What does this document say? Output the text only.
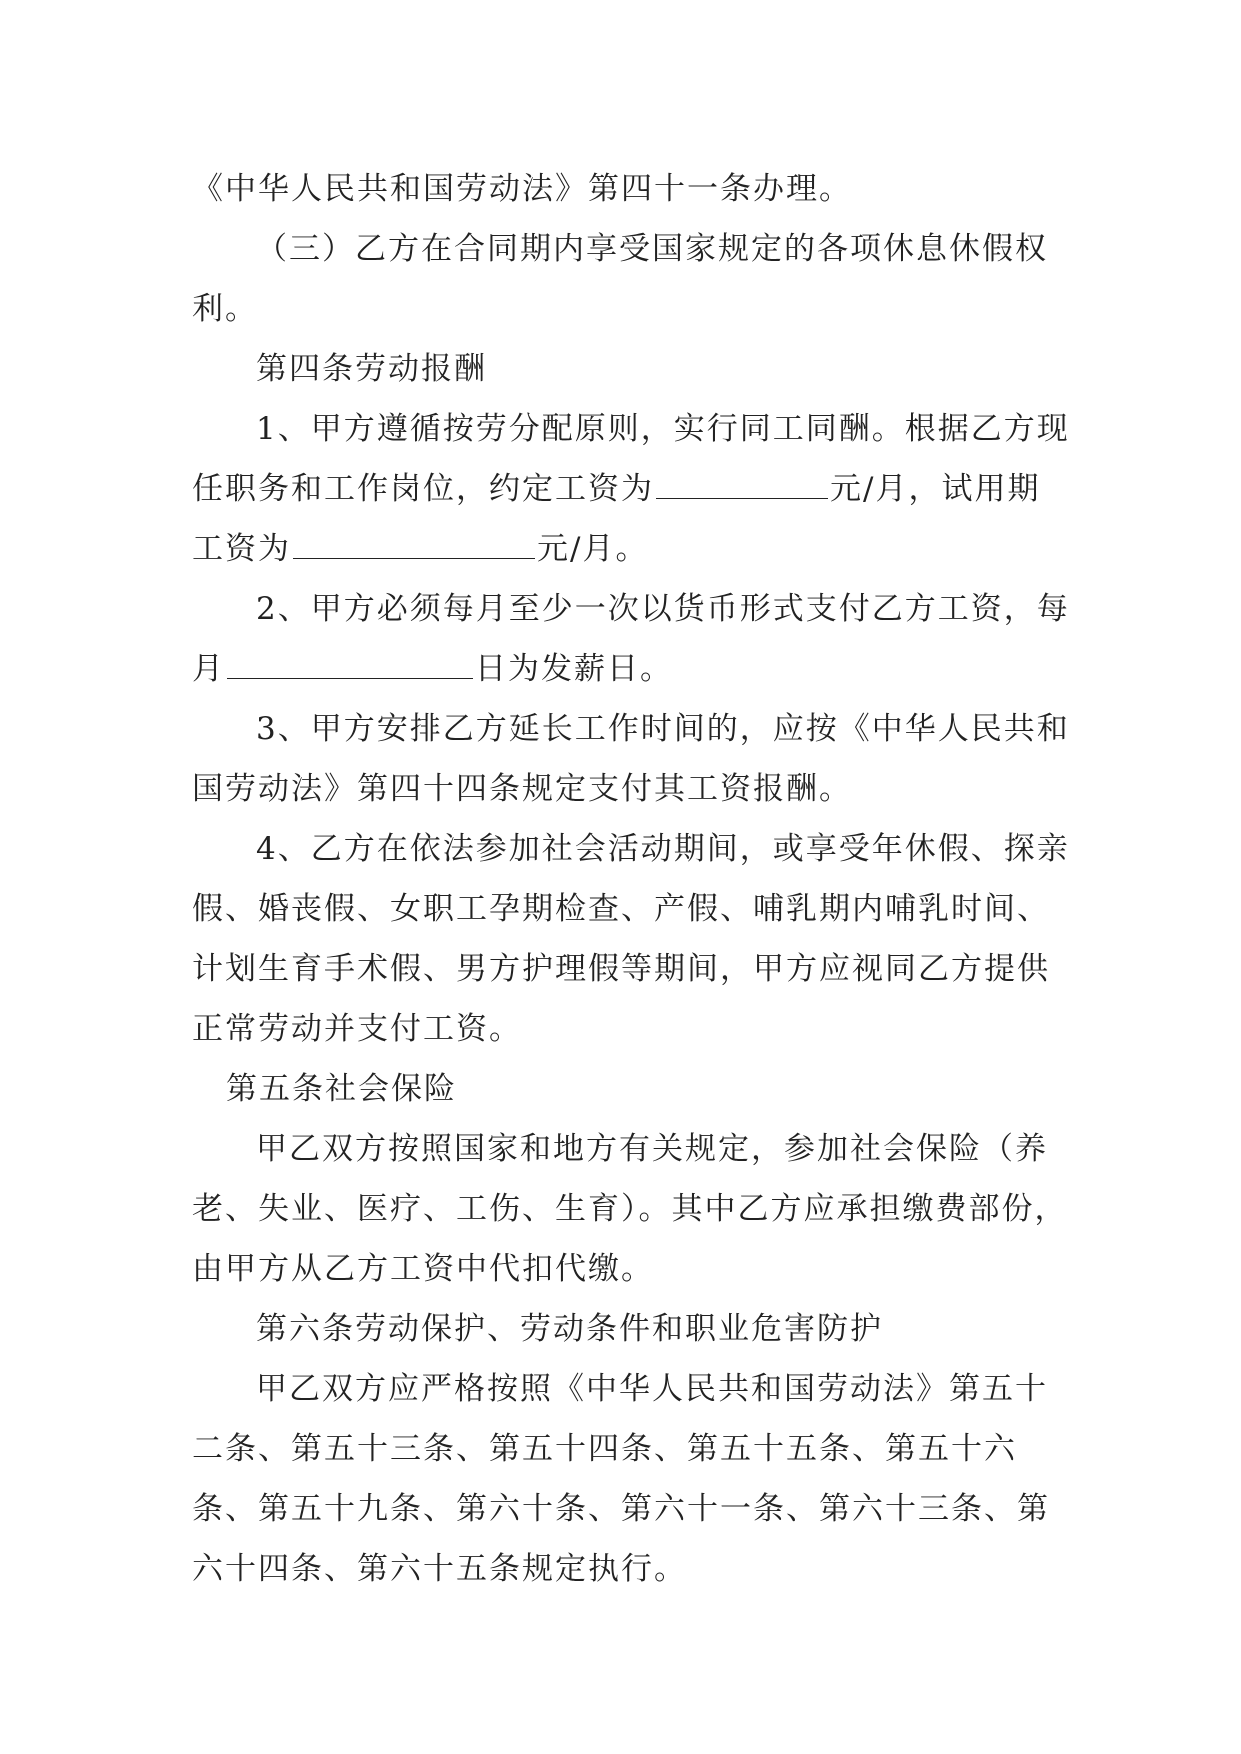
《中华人民共和国劳动法》第四十一条办理。

（三）乙方在合同期内享受国家规定的各项休息休假权利。

第四条劳动报酬

1、甲方遵循按劳分配原则，实行同工同酬。根据乙方现任职务和工作岗位，约定工资为	元/月，试用期工资为	元/月。

2、甲方必须每月至少一次以货币形式支付乙方工资，每月	日为发薪日。

3、甲方安排乙方延长工作时间的，应按《中华人民共和国劳动法》第四十四条规定支付其工资报酬。

4、乙方在依法参加社会活动期间，或享受年休假、探亲假、婚丧假、女职工孕期检查、产假、哺乳期内哺乳时间、计划生育手术假、男方护理假等期间，甲方应视同乙方提供正常劳动并支付工资。

第五条社会保险

甲乙双方按照国家和地方有关规定，参加社会保险（养老、失业、医疗、工伤、生育）。其中乙方应承担缴费部份，由甲方从乙方工资中代扣代缴。

第六条劳动保护、劳动条件和职业危害防护

甲乙双方应严格按照《中华人民共和国劳动法》第五十二条、第五十三条、第五十四条、第五十五条、第五十六条、第五十九条、第六十条、第六十一条、第六十三条、第六十四条、第六十五条规定执行。
